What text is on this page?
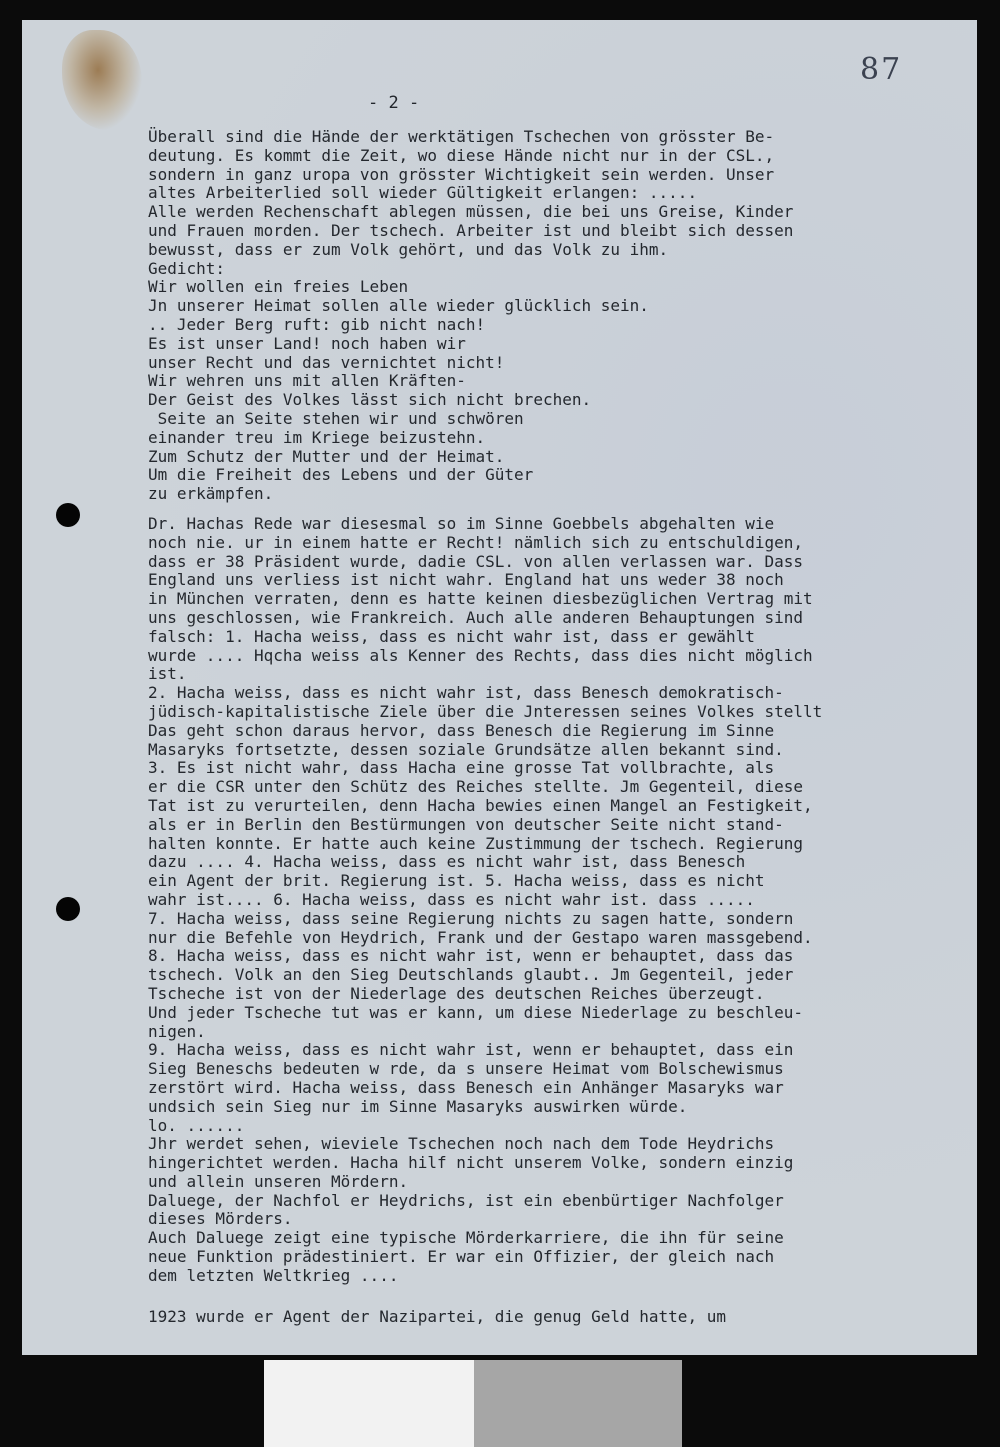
87
- 2 -
Überall sind die Hände der werktätigen Tschechen von grösster Be-
deutung. Es kommt die Zeit, wo diese Hände nicht nur in der CSL.,
sondern in ganz uropa von grösster Wichtigkeit sein werden. Unser
altes Arbeiterlied soll wieder Gültigkeit erlangen: .....
Alle werden Rechenschaft ablegen müssen, die bei uns Greise, Kinder
und Frauen morden. Der tschech. Arbeiter ist und bleibt sich dessen
bewusst, dass er zum Volk gehört, und das Volk zu ihm.
Gedicht:
Wir wollen ein freies Leben
Jn unserer Heimat sollen alle wieder glücklich sein.
.. Jeder Berg ruft: gib nicht nach!
Es ist unser Land! noch haben wir
unser Recht und das vernichtet nicht!
Wir wehren uns mit allen Kräften-
Der Geist des Volkes lässt sich nicht brechen.
Seite an Seite stehen wir und schwören
einander treu im Kriege beizustehn.
Zum Schutz der Mutter und der Heimat.
Um die Freiheit des Lebens und der Güter
zu erkämpfen.
Dr. Hachas Rede war diesesmal so im Sinne Goebbels abgehalten wie
noch nie. ur in einem hatte er Recht! nämlich sich zu entschuldigen,
dass er 38 Präsident wurde, dadie CSL. von allen verlassen war. Dass
England uns verliess ist nicht wahr. England hat uns weder 38 noch
in München verraten, denn es hatte keinen diesbezüglichen Vertrag mit
uns geschlossen, wie Frankreich. Auch alle anderen Behauptungen sind
falsch: 1. Hacha weiss, dass es nicht wahr ist, dass er gewählt
wurde .... Hqcha weiss als Kenner des Rechts, dass dies nicht möglich
ist.
2. Hacha weiss, dass es nicht wahr ist, dass Benesch demokratisch-
jüdisch-kapitalistische Ziele über die Jnteressen seines Volkes stellt
Das geht schon daraus hervor, dass Benesch die Regierung im Sinne
Masaryks fortsetzte, dessen soziale Grundsätze allen bekannt sind.
3. Es ist nicht wahr, dass Hacha eine grosse Tat vollbrachte, als
er die CSR unter den Schütz des Reiches stellte. Jm Gegenteil, diese
Tat ist zu verurteilen, denn Hacha bewies einen Mangel an Festigkeit,
als er in Berlin den Bestürmungen von deutscher Seite nicht stand-
halten konnte. Er hatte auch keine Zustimmung der tschech. Regierung
dazu .... 4. Hacha weiss, dass es nicht wahr ist, dass Benesch
ein Agent der brit. Regierung ist. 5. Hacha weiss, dass es nicht
wahr ist.... 6. Hacha weiss, dass es nicht wahr ist. dass .....
7. Hacha weiss, dass seine Regierung nichts zu sagen hatte, sondern
nur die Befehle von Heydrich, Frank und der Gestapo waren massgebend.
8. Hacha weiss, dass es nicht wahr ist, wenn er behauptet, dass das
tschech. Volk an den Sieg Deutschlands glaubt.. Jm Gegenteil, jeder
Tscheche ist von der Niederlage des deutschen Reiches überzeugt.
Und jeder Tscheche tut was er kann, um diese Niederlage zu beschleu-
nigen.
9. Hacha weiss, dass es nicht wahr ist, wenn er behauptet, dass ein
Sieg Beneschs bedeuten w rde, da s unsere Heimat vom Bolschewismus
zerstört wird. Hacha weiss, dass Benesch ein Anhänger Masaryks war
undsich sein Sieg nur im Sinne Masaryks auswirken würde.
lo. ......
Jhr werdet sehen, wieviele Tschechen noch nach dem Tode Heydrichs
hingerichtet werden. Hacha hilf nicht unserem Volke, sondern einzig
und allein unseren Mördern.
Daluege, der Nachfol er Heydrichs, ist ein ebenbürtiger Nachfolger
dieses Mörders.
Auch Daluege zeigt eine typische Mörderkarriere, die ihn für seine
neue Funktion prädestiniert. Er war ein Offizier, der gleich nach
dem letzten Weltkrieg ....
1923 wurde er Agent der Nazipartei, die genug Geld hatte, um
